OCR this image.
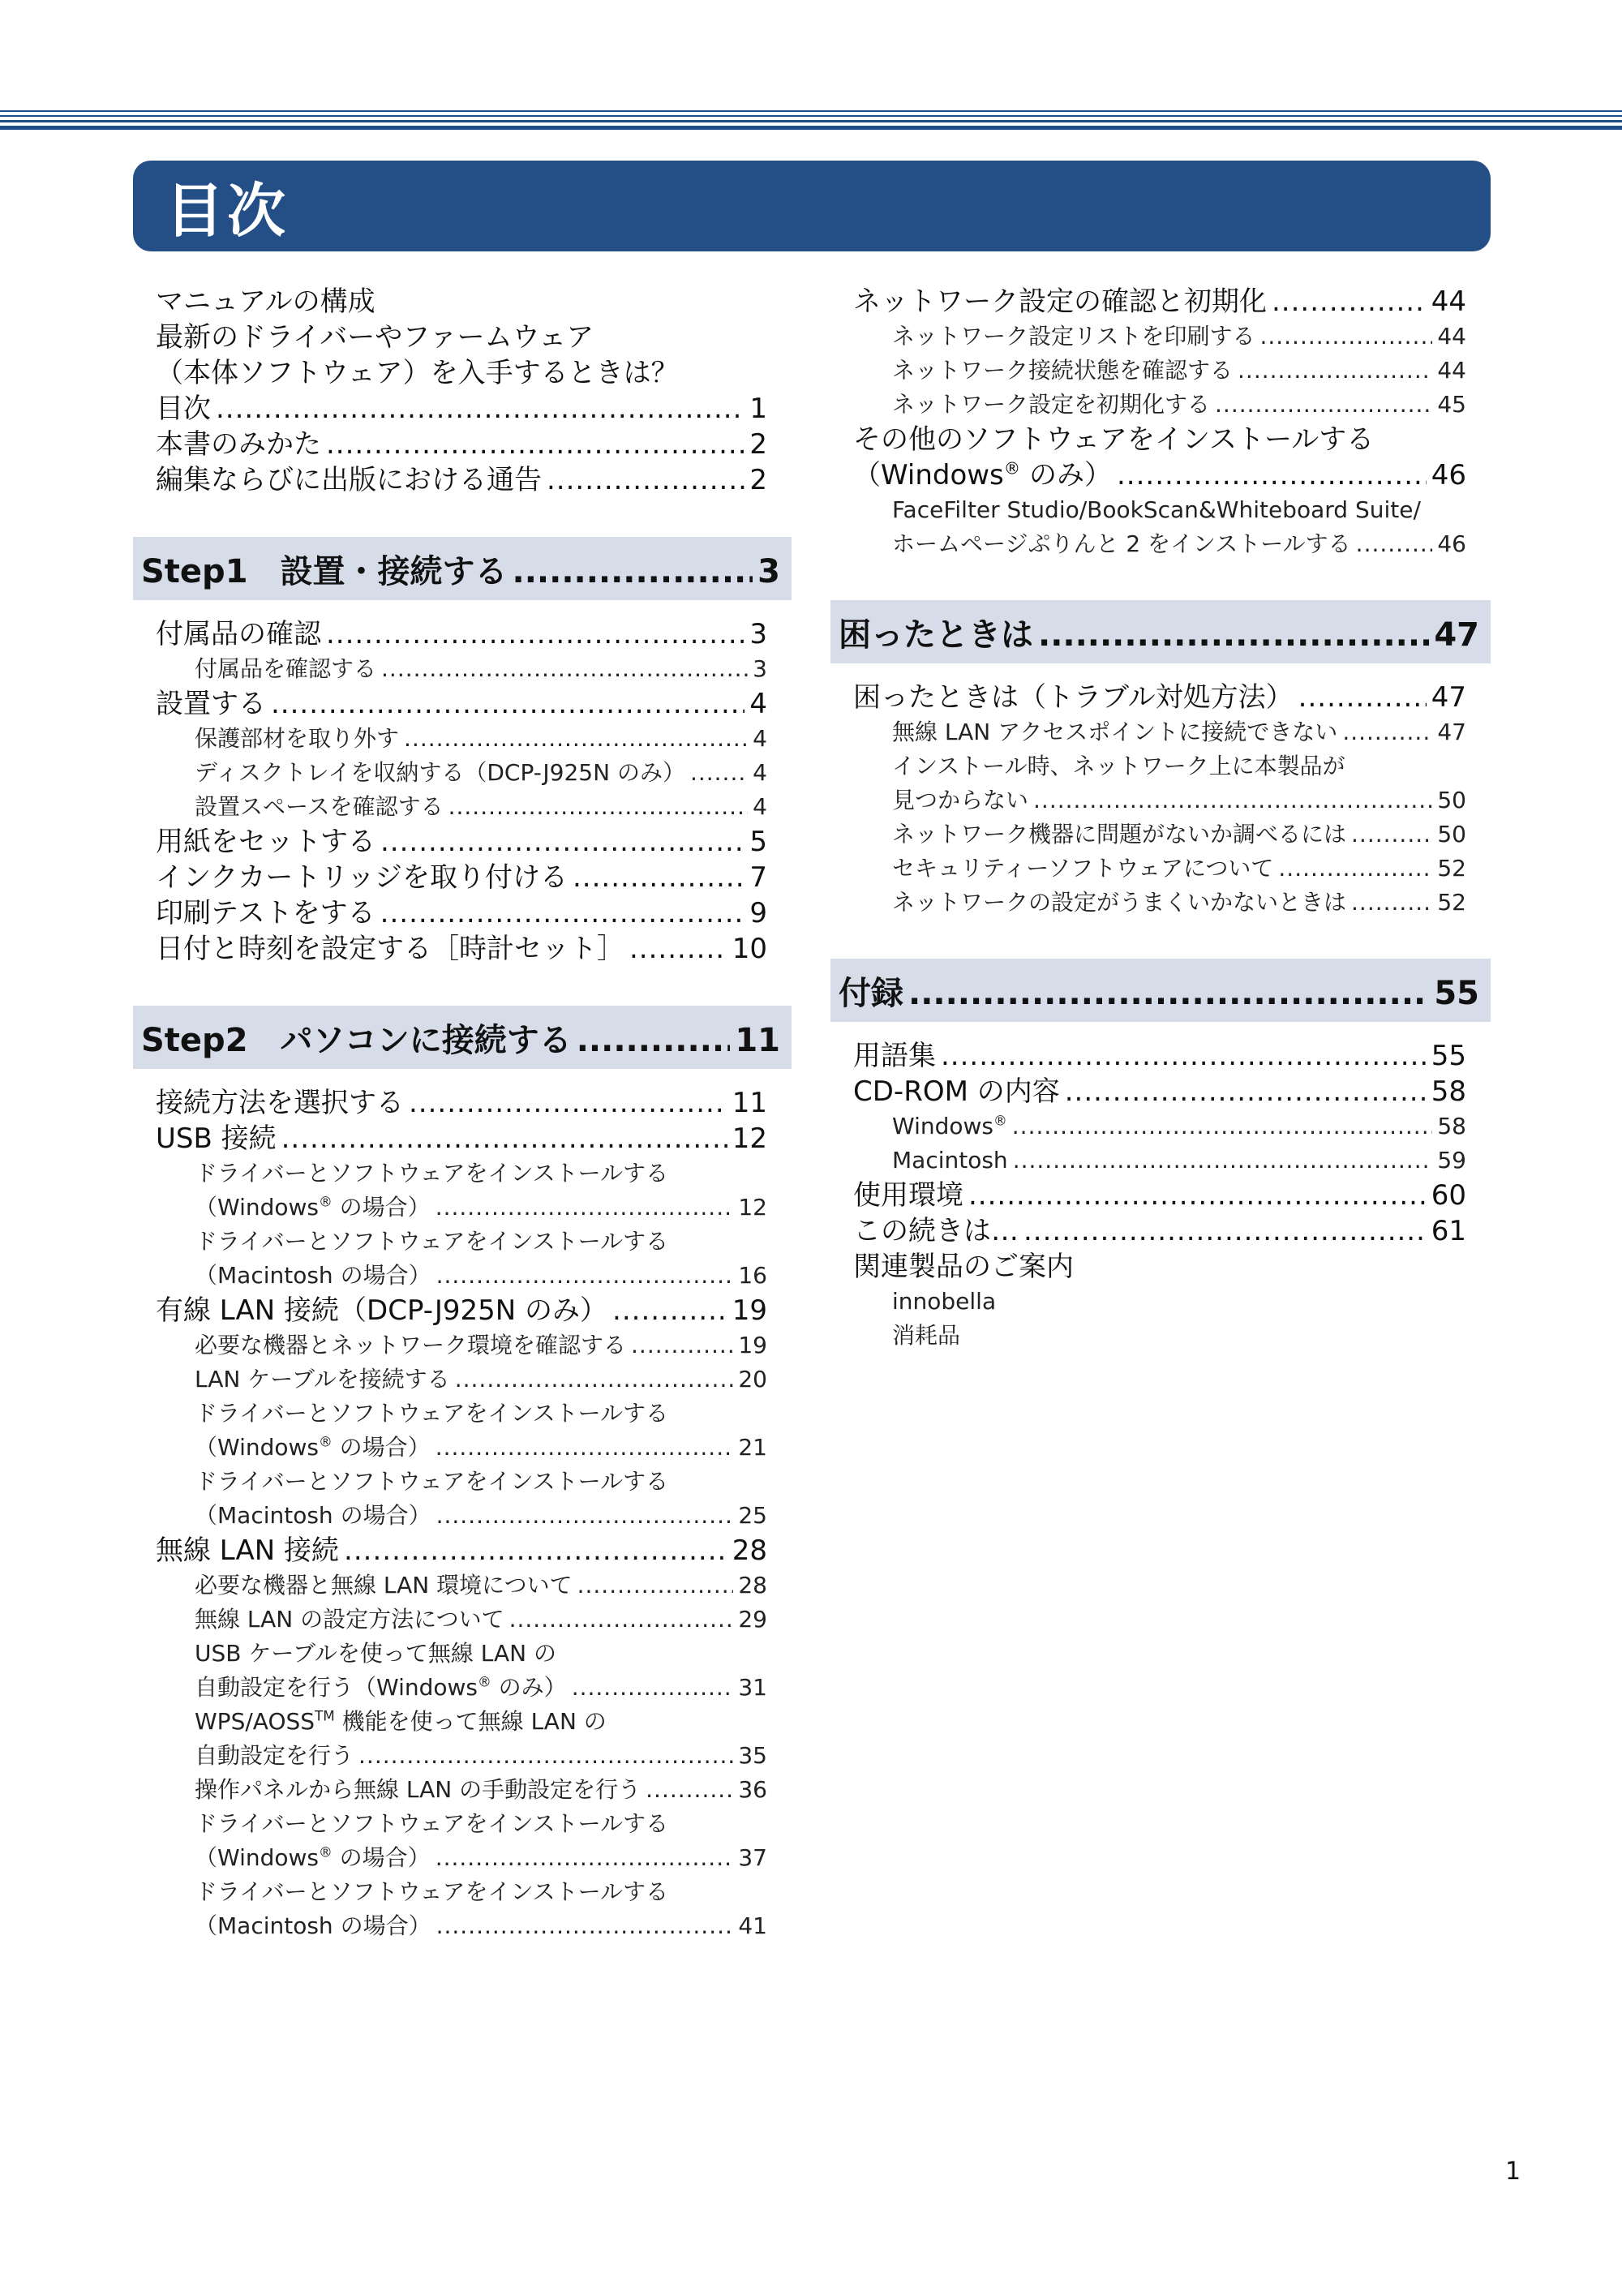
目次
マニュアルの構成
最新のドライバーやファームウェア
（本体ソフトウェア）を入手するときは？
目次 .....	1
本書のみかた .....	2
編集ならびに出版における通告 .....	2
Step1　設置・接続する .....	3
付属品の確認 .....	3
付属品を確認する .....	3
設置する .....	4
保護部材を取り外す .....	4
ディスクトレイを収納する（DCP-J925N のみ） .....	4
設置スペースを確認する .....	4
用紙をセットする .....	5
インクカートリッジを取り付ける .....	7
印刷テストをする .....	9
日付と時刻を設定する［時計セット］ .....	10
Step2　パソコンに接続する .....	11
接続方法を選択する .....	11
USB 接続 .....	12
ドライバーとソフトウェアをインストールする
（Windows® の場合） .....	12
ドライバーとソフトウェアをインストールする
（Macintosh の場合） .....	16
有線 LAN 接続（DCP-J925N のみ） .....	19
必要な機器とネットワーク環境を確認する .....	19
LAN ケーブルを接続する .....	20
ドライバーとソフトウェアをインストールする
（Windows® の場合） .....	21
ドライバーとソフトウェアをインストールする
（Macintosh の場合） .....	25
無線 LAN 接続 .....	28
必要な機器と無線 LAN 環境について .....	28
無線 LAN の設定方法について .....	29
USB ケーブルを使って無線 LAN の
自動設定を行う（Windows® のみ） .....	31
WPS/AOSS™ 機能を使って無線 LAN の
自動設定を行う .....	35
操作パネルから無線 LAN の手動設定を行う .....	36
ドライバーとソフトウェアをインストールする
（Windows® の場合） .....	37
ドライバーとソフトウェアをインストールする
（Macintosh の場合） .....	41
ネットワーク設定の確認と初期化 .....	44
ネットワーク設定リストを印刷する .....	44
ネットワーク接続状態を確認する .....	44
ネットワーク設定を初期化する .....	45
その他のソフトウェアをインストールする
（Windows® のみ） .....	46
FaceFilter Studio/BookScan&Whiteboard Suite/
ホームページぷりんと 2 をインストールする .....	46
困ったときは .....	47
困ったときは（トラブル対処方法） .....	47
無線 LAN アクセスポイントに接続できない .....	47
インストール時、ネットワーク上に本製品が
見つからない .....	50
ネットワーク機器に問題がないか調べるには .....	50
セキュリティーソフトウェアについて .....	52
ネットワークの設定がうまくいかないときは .....	52
付録 .....	55
用語集 .....	55
CD-ROM の内容 .....	58
Windows® .....	58
Macintosh .....	59
使用環境 .....	60
この続きは… .....	61
関連製品のご案内
innobella
消耗品
1
